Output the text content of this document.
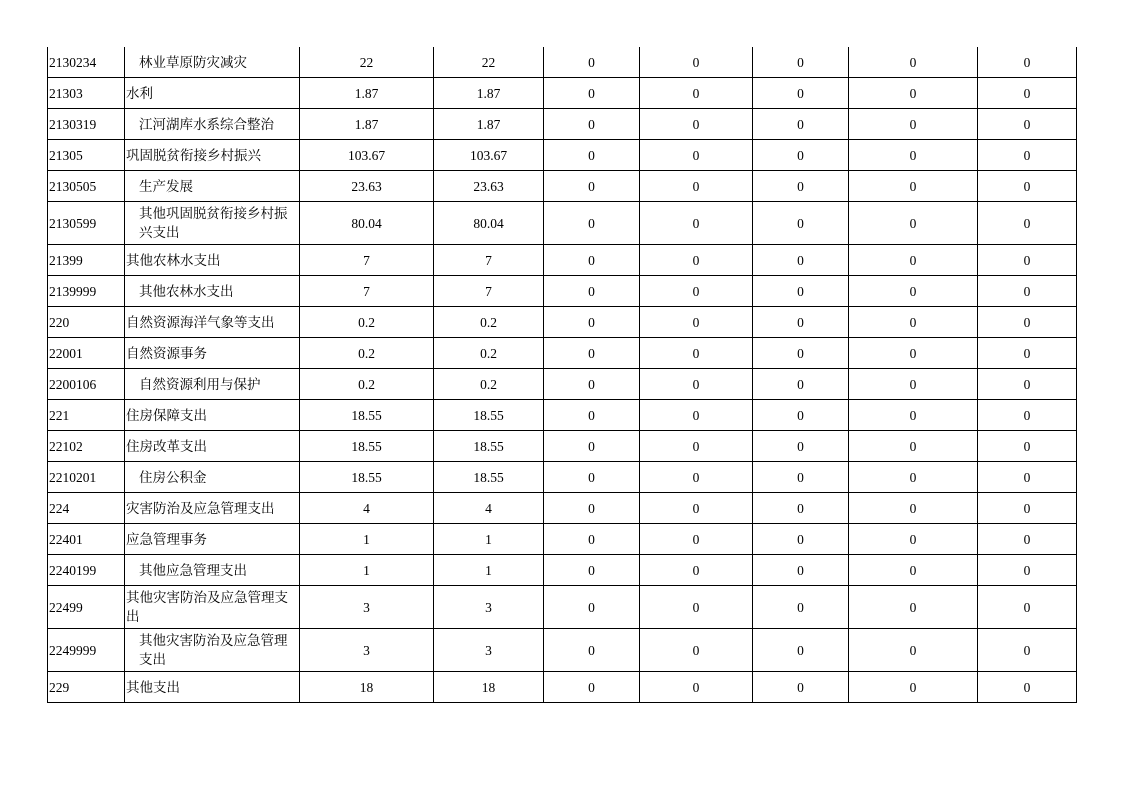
2130234	林业草原防灾减灾	22	22	0	0	0	0	0
21303	水利	1.87	1.87	0	0	0	0	0
2130319	江河湖库水系综合整治	1.87	1.87	0	0	0	0	0
21305	巩固脱贫衔接乡村振兴	103.67	103.67	0	0	0	0	0
2130505	生产发展	23.63	23.63	0	0	0	0	0
2130599	其他巩固脱贫衔接乡村振兴支出	80.04	80.04	0	0	0	0	0
21399	其他农林水支出	7	7	0	0	0	0	0
2139999	其他农林水支出	7	7	0	0	0	0	0
220	自然资源海洋气象等支出	0.2	0.2	0	0	0	0	0
22001	自然资源事务	0.2	0.2	0	0	0	0	0
2200106	自然资源利用与保护	0.2	0.2	0	0	0	0	0
221	住房保障支出	18.55	18.55	0	0	0	0	0
22102	住房改革支出	18.55	18.55	0	0	0	0	0
2210201	住房公积金	18.55	18.55	0	0	0	0	0
224	灾害防治及应急管理支出	4	4	0	0	0	0	0
22401	应急管理事务	1	1	0	0	0	0	0
2240199	其他应急管理支出	1	1	0	0	0	0	0
22499	其他灾害防治及应急管理支出	3	3	0	0	0	0	0
2249999	其他灾害防治及应急管理支出	3	3	0	0	0	0	0
229	其他支出	18	18	0	0	0	0	0
